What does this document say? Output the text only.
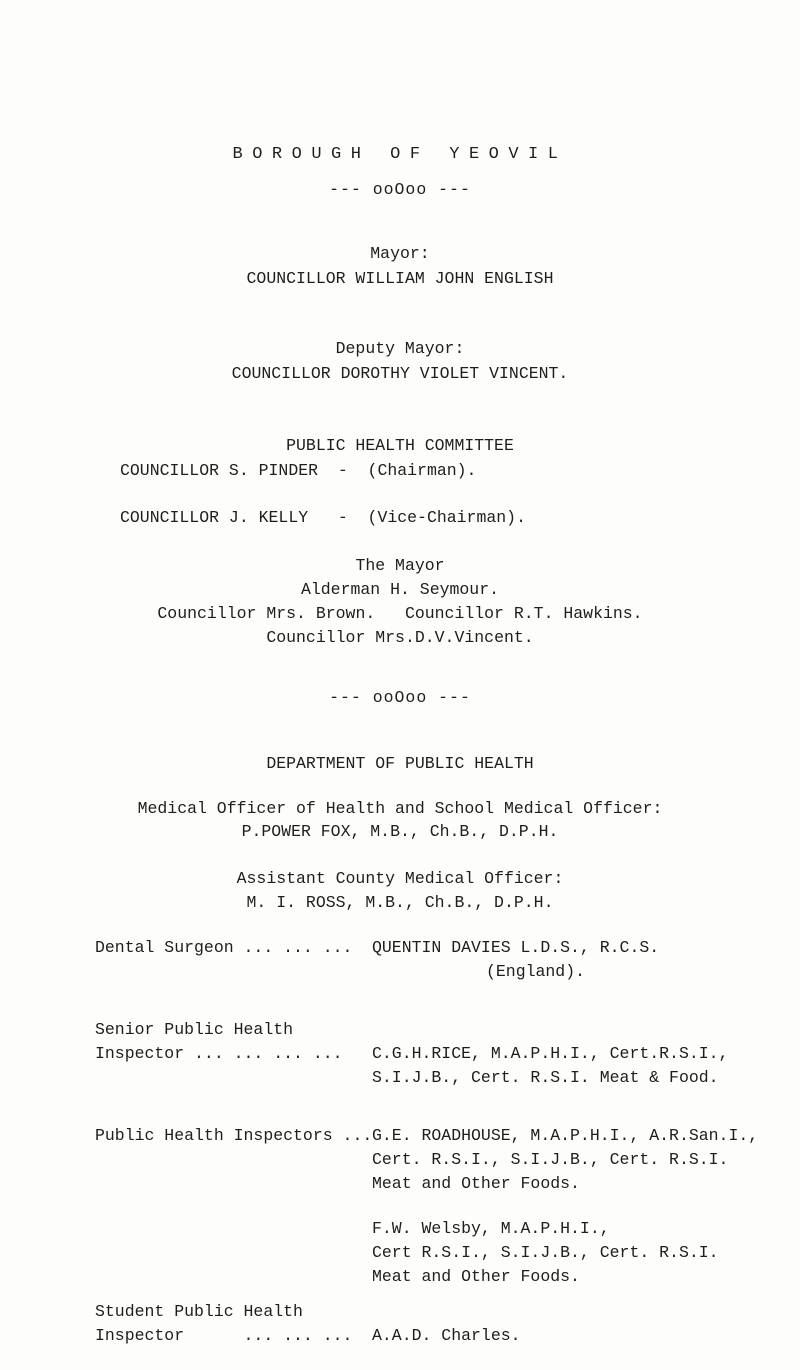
BOROUGH OF YEOVIL
--- ooOoo ---
Mayor:
COUNCILLOR WILLIAM JOHN ENGLISH
Deputy Mayor:
COUNCILLOR DOROTHY VIOLET VINCENT.
PUBLIC HEALTH COMMITTEE
COUNCILLOR S. PINDER  -  (Chairman).
COUNCILLOR J. KELLY   -  (Vice-Chairman).
The Mayor
Alderman H. Seymour.
Councillor Mrs. Brown.   Councillor R.T. Hawkins.
Councillor Mrs.D.V.Vincent.
--- ooOoo ---
DEPARTMENT OF PUBLIC HEALTH
Medical Officer of Health and School Medical Officer:
P.POWER FOX, M.B., Ch.B., D.P.H.
Assistant County Medical Officer:
M. I. ROSS, M.B., Ch.B., D.P.H.
Dental Surgeon ... ... ... QUENTIN DAVIES L.D.S., R.C.S.
(England).
Senior Public Health
Inspector ... ... ... ... C.G.H.RICE, M.A.P.H.I., Cert.R.S.I.,
S.I.J.B., Cert. R.S.I. Meat & Food.
Public Health Inspectors ... G.E. ROADHOUSE, M.A.P.H.I., A.R.San.I.,
Cert. R.S.I., S.I.J.B., Cert. R.S.I.
Meat and Other Foods.
F.W. Welsby, M.A.P.H.I.,
Cert R.S.I., S.I.J.B., Cert. R.S.I.
Meat and Other Foods.
Student Public Health
Inspector      ... ... ... A.A.D. Charles.
